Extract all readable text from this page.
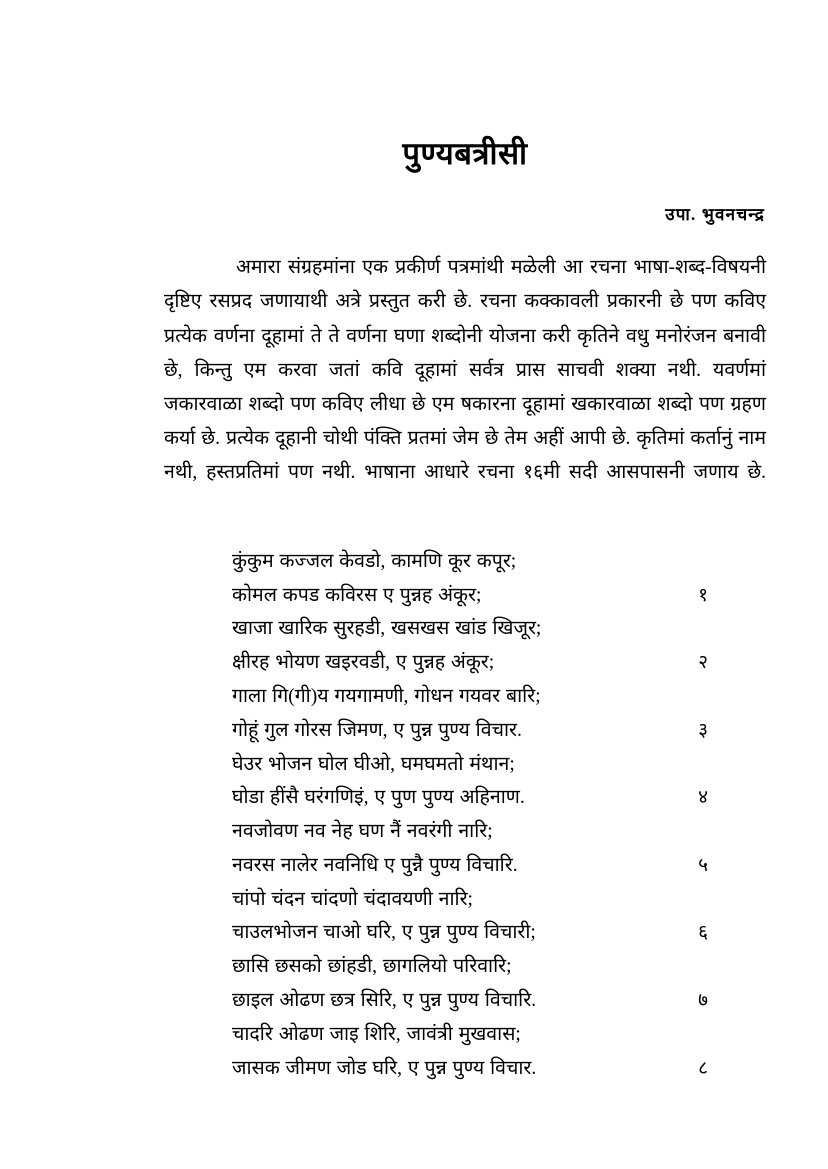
पुण्यबत्रीसी
उपा. भुवनचन्द्र

अमारा संग्रहमांना एक प्रकीर्ण पत्रमांथी मळेली आ रचना भाषा-शब्द-विषयनी दृष्टिए रसप्रद जणायाथी अत्रे प्रस्तुत करी छे. रचना कक्कावली प्रकारनी छे पण कविए प्रत्येक वर्णना दूहामां ते ते वर्णना घणा शब्दोनी योजना करी कृतिने वधु मनोरंजन बनावी छे, किन्तु एम करवा जतां कवि दूहामां सर्वत्र प्रास साचवी शक्या नथी. यवर्णमां जकारवाळा शब्दो पण कविए लीधा छे एम षकारना दूहामां खकारवाळा शब्दो पण ग्रहण कर्या छे. प्रत्येक दूहानी चोथी पंक्ति प्रतमां जेम छे तेम अहीं आपी छे. कृतिमां कर्तानुं नाम नथी, हस्तप्रतिमां पण नथी. भाषाना आधारे रचना १६मी सदी आसपासनी जणाय छे.

कुंकुम कज्जल केवडो, कामणि कूर कपूर;
कोमल कपड कविरस ए पुन्नह अंकूर;	१
खाजा खारिक सुरहडी, खसखस खांड खिजूर;
क्षीरह भोयण खइरवडी, ए पुन्नह अंकूर;	२
गाला गि(गी)य गयगामणी, गोधन गयवर बारि;
गोहूं गुल गोरस जिमण, ए पुन्न पुण्य विचार.	३
घेउर भोजन घोल घीओ, घमघमतो मंथान;
घोडा हींसै घरंगणिइं, ए पुण पुण्य अहिनाण.	४
नवजोवण नव नेह घण नैं नवरंगी नारि;
नवरस नालेर नवनिधि ए पुन्नै पुण्य विचारि.	५
चांपो चंदन चांदणो चंदावयणी नारि;
चाउलभोजन चाओ घरि, ए पुन्न पुण्य विचारी;	६
छासि छसको छांहडी, छागलियो परिवारि;
छाइल ओढण छत्र सिरि, ए पुन्न पुण्य विचारि.	७
चादरि ओढण जाइ शिरि, जावंत्री मुखवास;
जासक जीमण जोड घरि, ए पुन्न पुण्य विचार.	८
